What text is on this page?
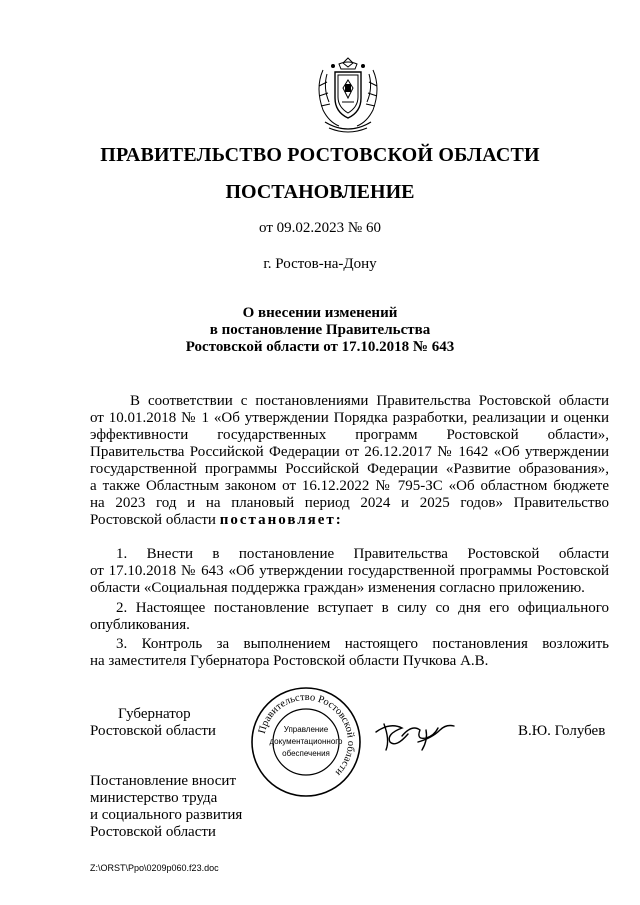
ПРАВИТЕЛЬСТВО РОСТОВСКОЙ ОБЛАСТИ
ПОСТАНОВЛЕНИЕ
от 09.02.2023 № 60
г. Ростов-на-Дону
О внесении изменений
в постановление Правительства
Ростовской области от 17.10.2018 № 643
В соответствии с постановлениями Правительства Ростовской области
от 10.01.2018 № 1 «Об утверждении Порядка разработки, реализации и оценки
эффективности государственных программ Ростовской области»,
Правительства Российской Федерации от 26.12.2017 № 1642 «Об утверждении
государственной программы Российской Федерации «Развитие образования»,
а также Областным законом от 16.12.2022 № 795-ЗС «Об областном бюджете
на 2023 год и на плановый период 2024 и 2025 годов» Правительство
Ростовской области постановляет:
1. Внести в постановление Правительства Ростовской области
от 17.10.2018 № 643 «Об утверждении государственной программы Ростовской
области «Социальная поддержка граждан» изменения согласно приложению.
2. Настоящее постановление вступает в силу со дня его официального
опубликования.
3. Контроль за выполнением настоящего постановления возложить
на заместителя Губернатора Ростовской области Пучкова А.В.
Губернатор
Ростовской области	Правительство Ростовской области
Управление
документационного
обеспечения
В.Ю. Голубев
Постановление вносит
министерство труда
и социального развития
Ростовской области
Z:\ORST\Ppo\0209p060.f23.doc
